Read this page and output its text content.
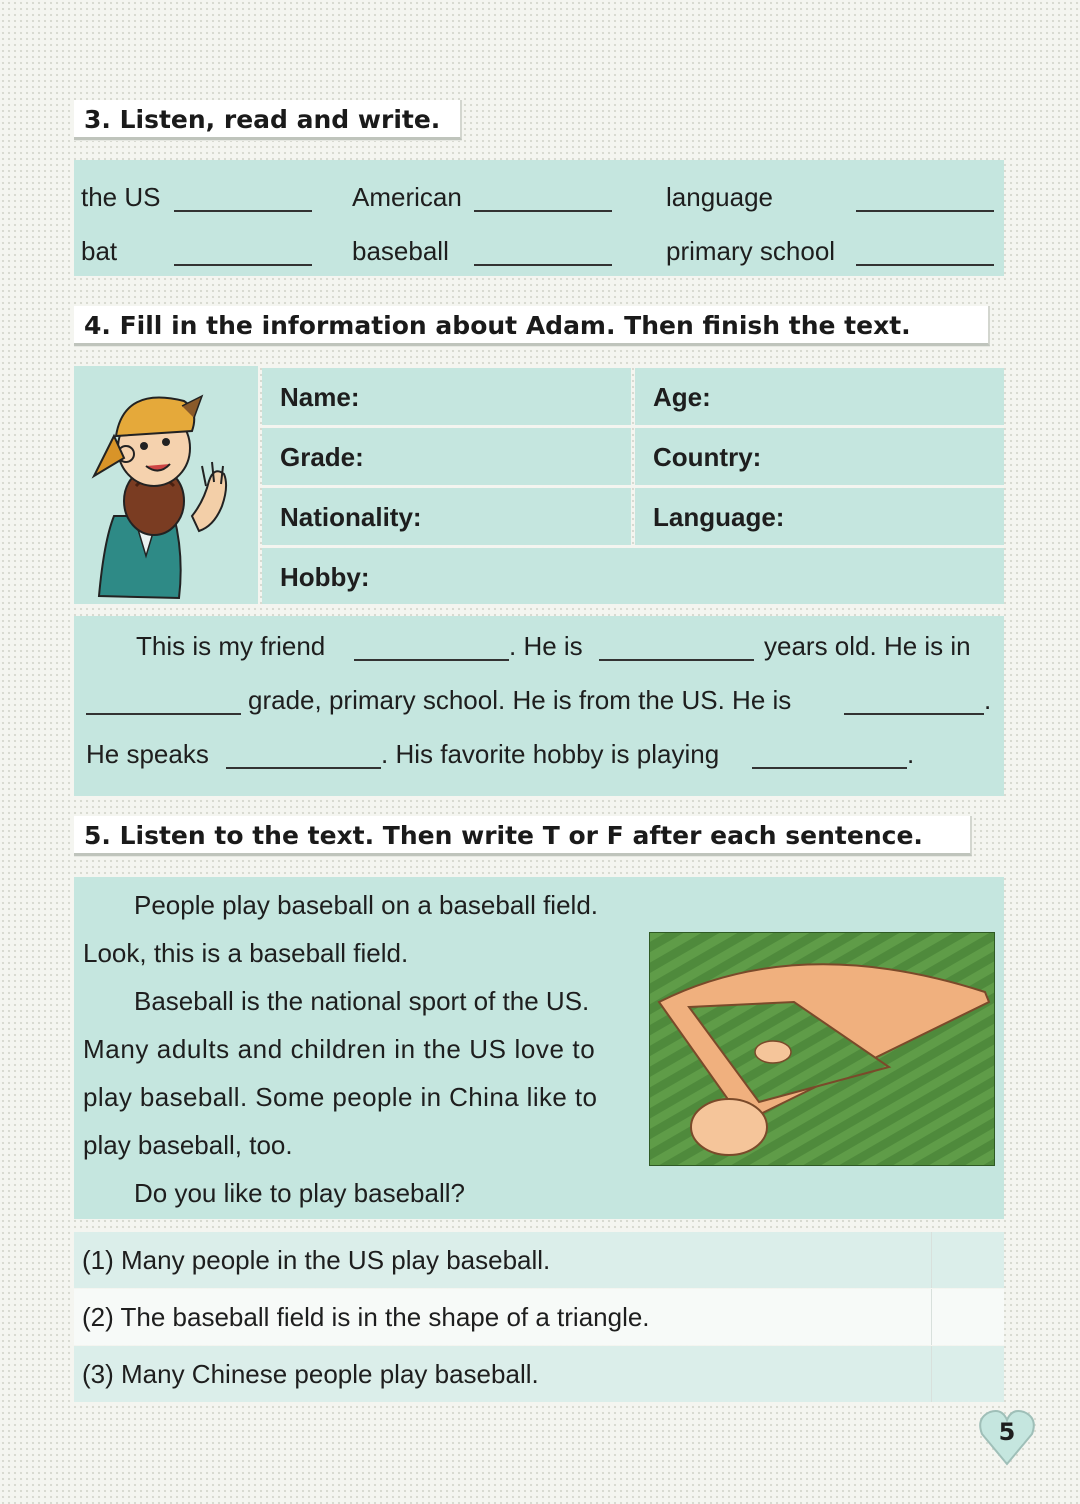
3. Listen, read and write.
the US	American	language
bat	baseball	primary school
4. Fill in the information about Adam. Then finish the text.
Name:	Age:
Grade:	Country:
Nationality:	Language:
Hobby:
This is my friend	. He is	years old. He is in
grade, primary school. He is from the US. He is	.
He speaks	. His favorite hobby is playing	.
5. Listen to the text. Then write T or F after each sentence.
People play baseball on a baseball field.
Look, this is a baseball field.
Baseball is the national sport of the US.
Many adults and children in the US love to
play baseball. Some people in China like to
play baseball, too.
Do you like to play baseball?
(1) Many people in the US play baseball.
(2) The baseball field is in the shape of a triangle.
(3) Many Chinese people play baseball.
5
